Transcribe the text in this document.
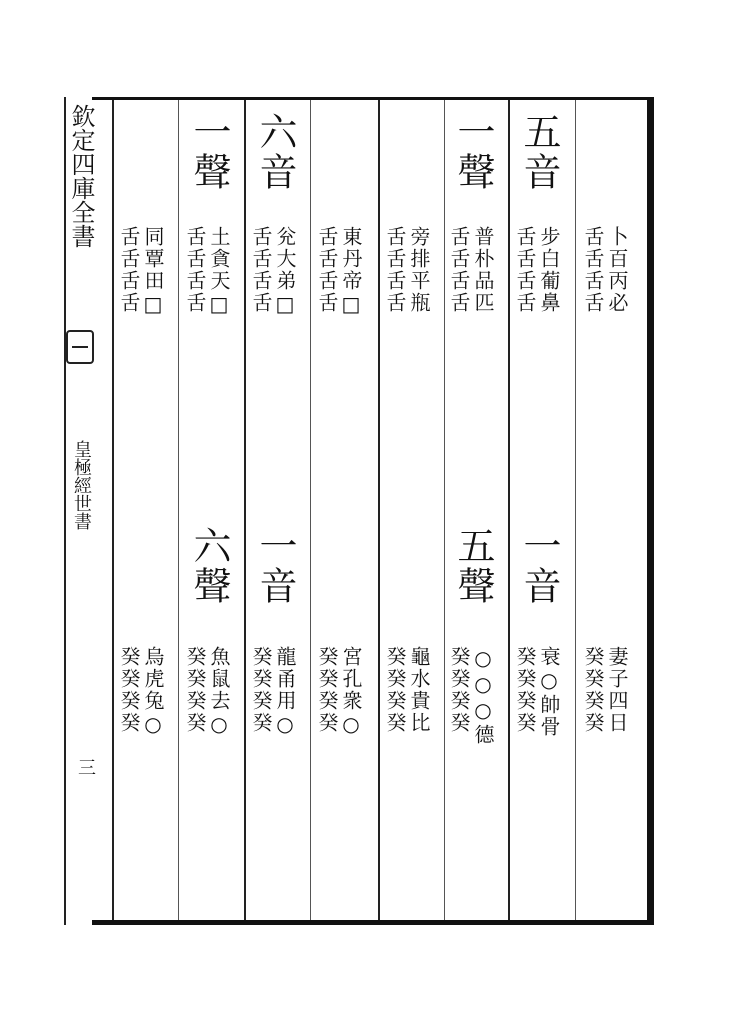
欽定四庫全書
皇極經世書
三
卜百丙必
舌舌舌舌
妻子四日
癸癸癸癸
五音
步白葡鼻
舌舌舌舌
一音
衰○帥骨
癸癸癸癸
一聲
普朴品匹
舌舌舌舌
五聲
○○○德
癸癸癸癸
旁排平瓶
舌舌舌舌
龜水貴比
癸癸癸癸
東丹帝□
舌舌舌舌
宮孔衆○
癸癸癸癸
六音
兊大弟□
舌舌舌舌
一音
龍甬用○
癸癸癸癸
一聲
土貪天□
舌舌舌舌
六聲
魚鼠去○
癸癸癸癸
同覃田□
舌舌舌舌
烏虎兔○
癸癸癸癸
